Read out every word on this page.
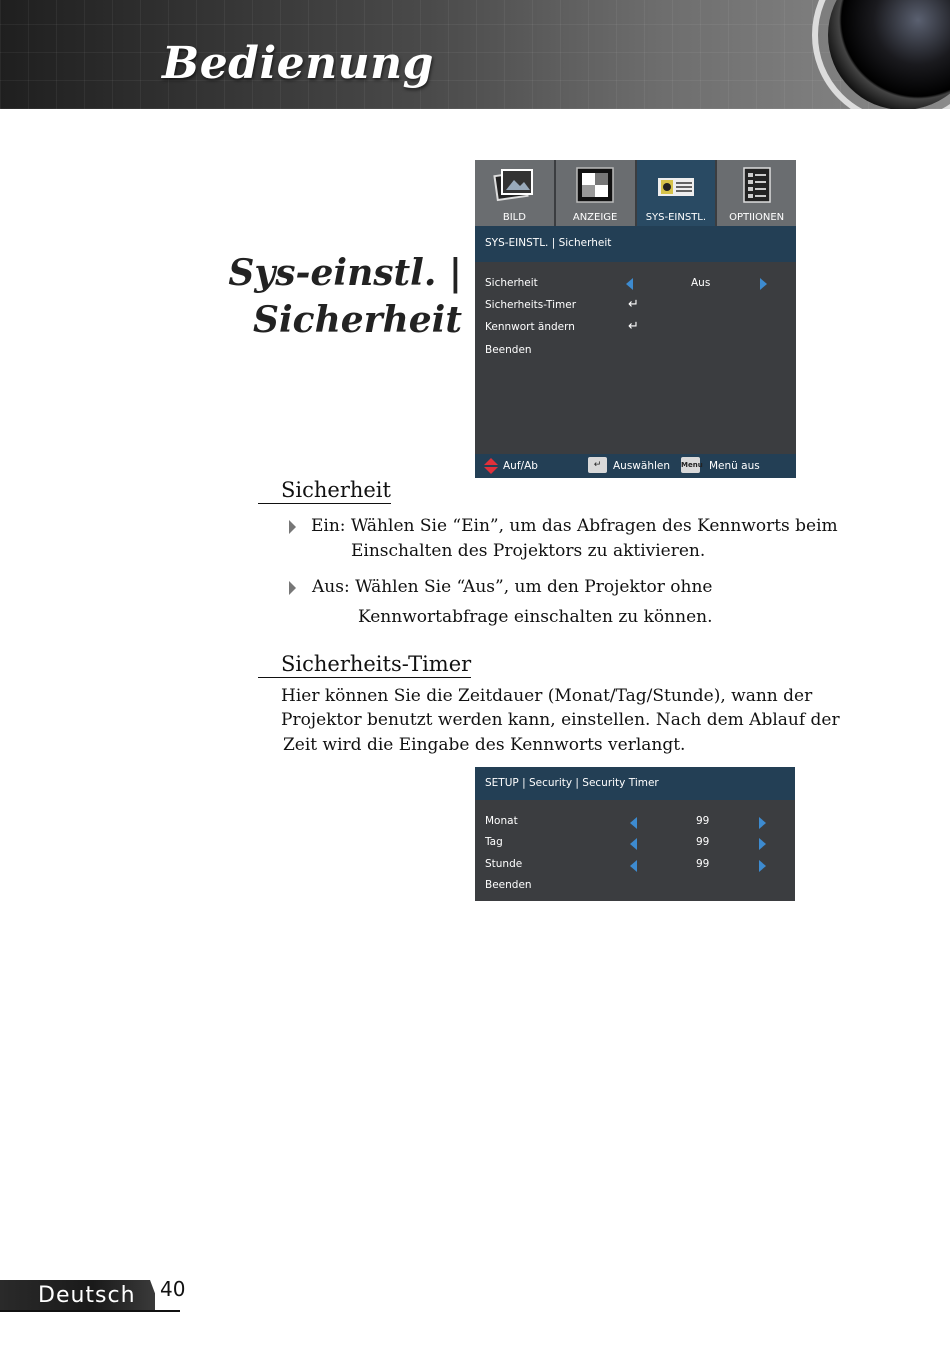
Bedienung
Sys-einstl. |
Sicherheit
BILD	ANZEIGE	SYS-EINSTL.	OPTIIONEN
SYS-EINSTL. | Sicherheit
Sicherheit	Aus
Sicherheits-Timer	↵
Kennwort ändern	↵
Beenden
Auf/Ab	↵	Auswählen Menu Menü aus
Sicherheit
Ein: Wählen Sie “Ein”, um das Abfragen des Kennworts beim
Einschalten des Projektors zu aktivieren.
Aus: Wählen Sie “Aus”, um den Projektor ohne
Kennwortabfrage einschalten zu können.
Sicherheits-Timer
Hier können Sie die Zeitdauer (Monat/Tag/Stunde), wann der
Projektor benutzt werden kann, einstellen. Nach dem Ablauf der
Zeit wird die Eingabe des Kennworts verlangt.
SETUP | Security | Security Timer
Monat	99
Tag	99
Stunde	99
Beenden
Deutsch 40
